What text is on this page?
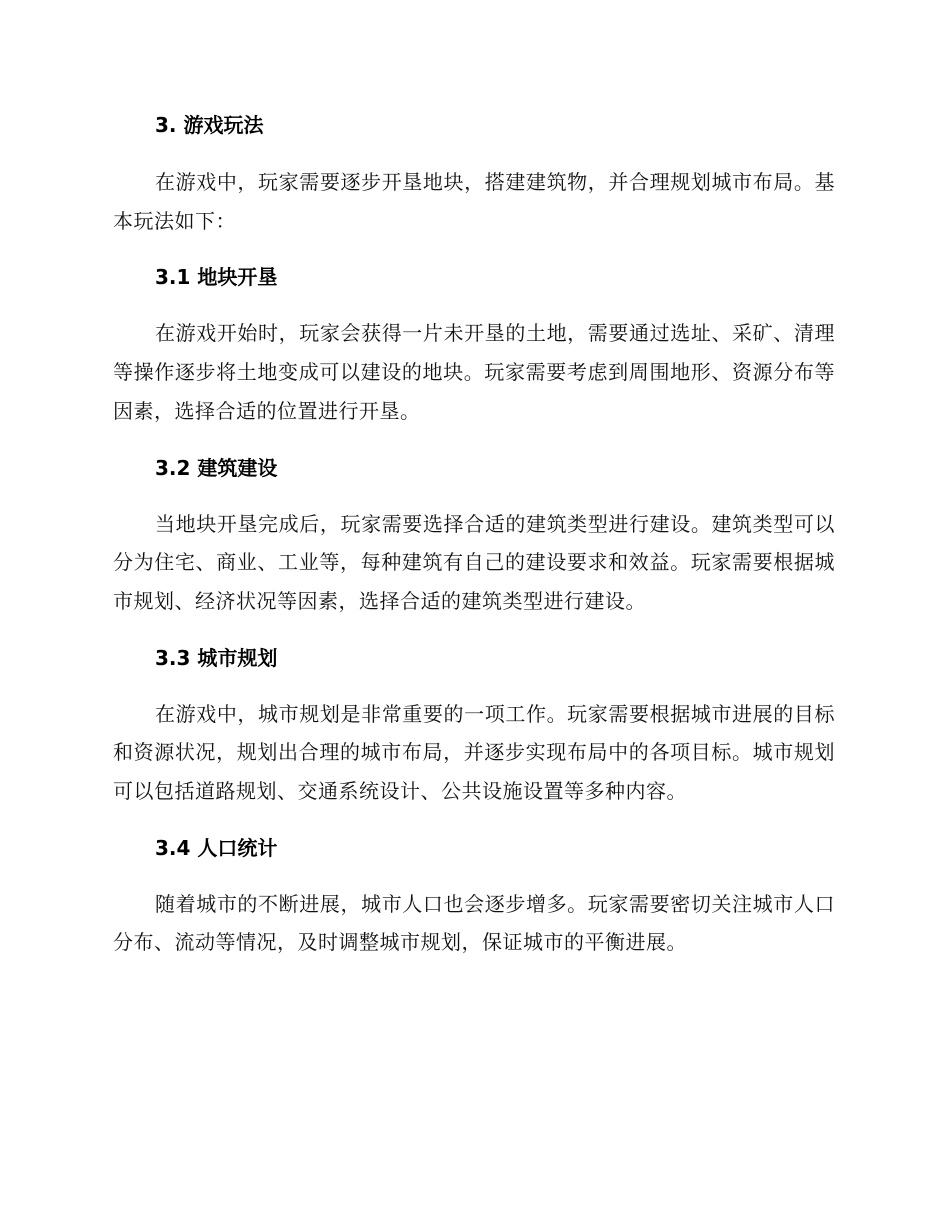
3. 游戏玩法

在游戏中，玩家需要逐步开垦地块，搭建建筑物，并合理规划城市布局。基本玩法如下：

3.1 地块开垦

在游戏开始时，玩家会获得一片未开垦的土地，需要通过选址、采矿、清理等操作逐步将土地变成可以建设的地块。玩家需要考虑到周围地形、资源分布等因素，选择合适的位置进行开垦。

3.2 建筑建设

当地块开垦完成后，玩家需要选择合适的建筑类型进行建设。建筑类型可以分为住宅、商业、工业等，每种建筑有自己的建设要求和效益。玩家需要根据城市规划、经济状况等因素，选择合适的建筑类型进行建设。

3.3 城市规划

在游戏中，城市规划是非常重要的一项工作。玩家需要根据城市进展的目标和资源状况，规划出合理的城市布局，并逐步实现布局中的各项目标。城市规划可以包括道路规划、交通系统设计、公共设施设置等多种内容。

3.4 人口统计

随着城市的不断进展，城市人口也会逐步增多。玩家需要密切关注城市人口分布、流动等情况，及时调整城市规划，保证城市的平衡进展。
